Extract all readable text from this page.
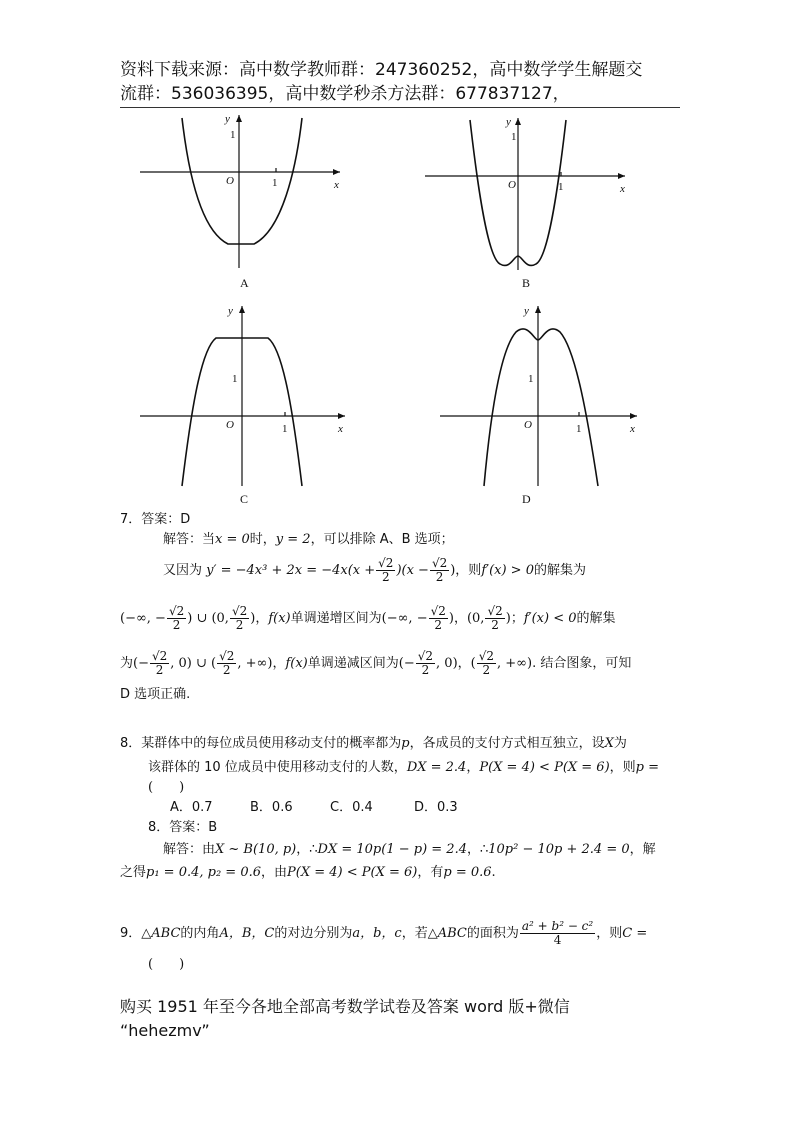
资料下载来源：高中数学教师群：247360252，高中数学学生解题交
流群：536036395，高中数学秒杀方法群：677837127，
x
y
x
y
x
y
x
y
O	O
O	O
1
1
1
1
1
1
1
1
A	B
C	D
7．答案：D
解答：当x = 0时，y = 2，可以排除 A、B 选项；
又因为 $y' = -4x^3 + 2x = -4x(x + \frac{√2}{2} )(x - \frac{√2}{2}$ )，则f′(x) > 0的解集为
(−∞, − $\frac{√2}{2}$ ) ∪ (0, $\frac{√2}{2}$ )，f(x)单调递增区间为(−∞, − $\frac{√2}{2}$ )，(0, $\frac{√2}{2}$ )；f′(x) < 0的解集
为(− $\frac{√2}{2}$ , 0) ∪ ( $\frac{√2}{2}$ , +∞)，f(x)单调递减区间为(− $\frac{√2}{2}$ , 0)，( $\frac{√2}{2}$ , +∞). 结合图象，可知
D 选项正确.
8．某群体中的每位成员使用移动支付的概率都为p，各成员的支付方式相互独立，设X为
该群体的 10 位成员中使用移动支付的人数，DX = 2.4，P(X = 4) < P(X = 6)，则p =
(　　)
A．0.7	B．0.6	C．0.4	D．0.3
8．答案：B
解答：由X ~ B(10, p)，∴DX = 10p(1 − p) = 2.4，∴10p² − 10p + 2.4 = 0，解
之得p₁ = 0.4, p₂ = 0.6，由P(X = 4) < P(X = 6)，有p = 0.6.
9．△ABC的内角A，B，C的对边分别为a，b，c，若△ABC的面积为 $\frac{\text{a² + b² − c²}}{4}$ ，则C =
(　　)
购买 1951 年至今各地全部高考数学试卷及答案 word 版+微信
“hehezmv”
